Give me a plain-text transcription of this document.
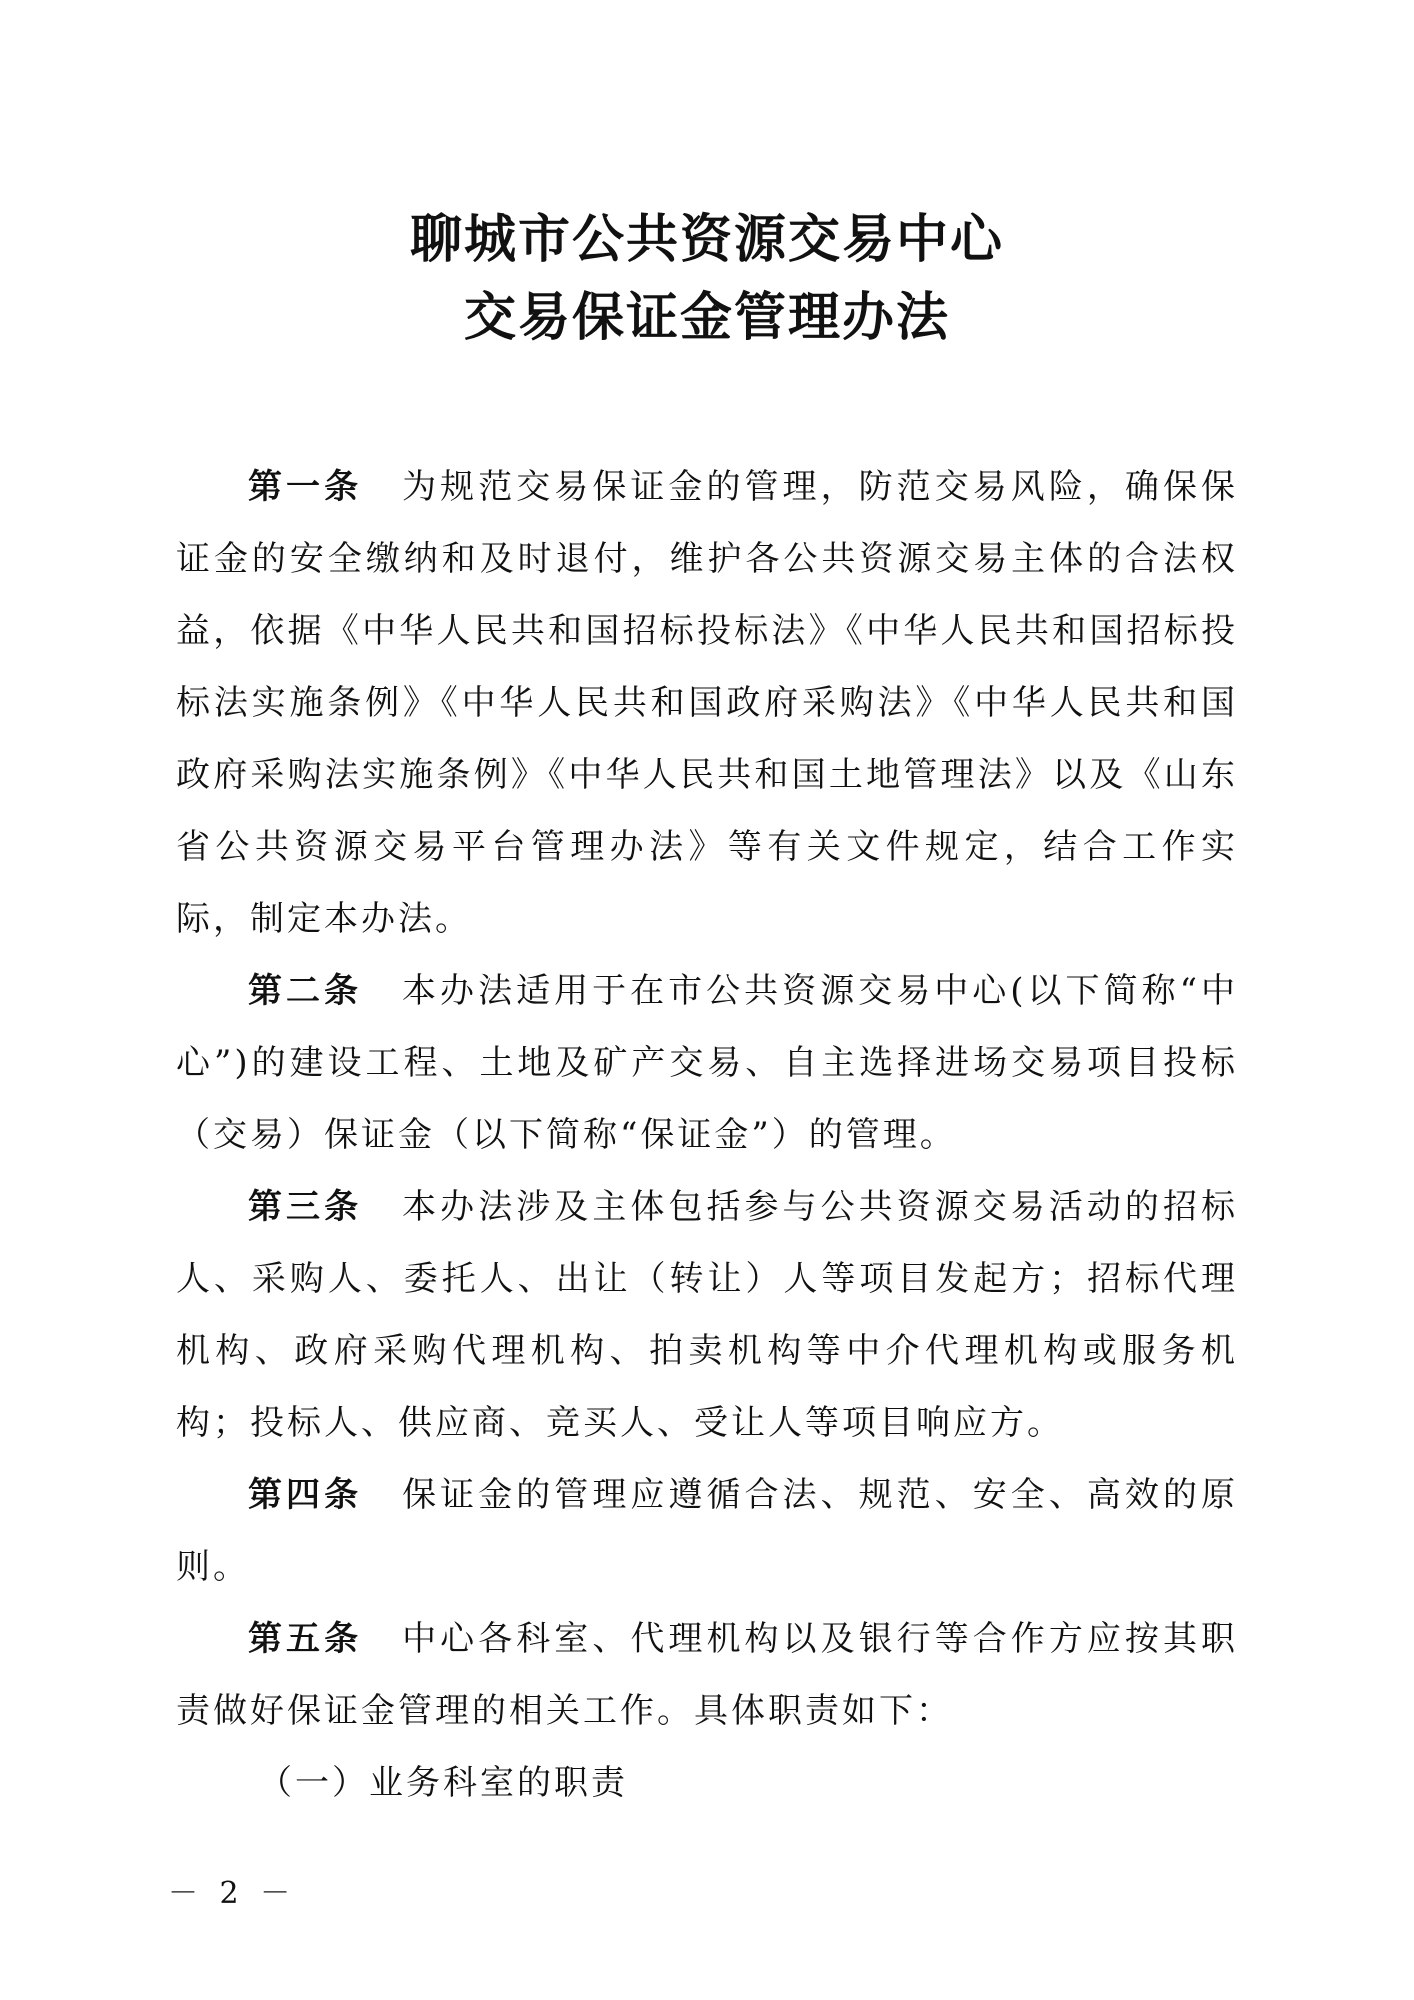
聊城市公共资源交易中心
交易保证金管理办法
第一条 为规范交易保证金的管理，防范交易风险，确保保证金的安全缴纳和及时退付，维护各公共资源交易主体的合法权益，依据《中华人民共和国招标投标法》《中华人民共和国招标投标法实施条例》《中华人民共和国政府采购法》《中华人民共和国政府采购法实施条例》《中华人民共和国土地管理法》以及《山东省公共资源交易平台管理办法》等有关文件规定，结合工作实际，制定本办法。
第二条 本办法适用于在市公共资源交易中心(以下简称“中心”)的建设工程、土地及矿产交易、自主选择进场交易项目投标（交易）保证金（以下简称“保证金”）的管理。
第三条 本办法涉及主体包括参与公共资源交易活动的招标人、采购人、委托人、出让（转让）人等项目发起方；招标代理机构、政府采购代理机构、拍卖机构等中介代理机构或服务机构；投标人、供应商、竞买人、受让人等项目响应方。
第四条 保证金的管理应遵循合法、规范、安全、高效的原则。
第五条 中心各科室、代理机构以及银行等合作方应按其职责做好保证金管理的相关工作。具体职责如下：
（一）业务科室的职责
－ 2 －
